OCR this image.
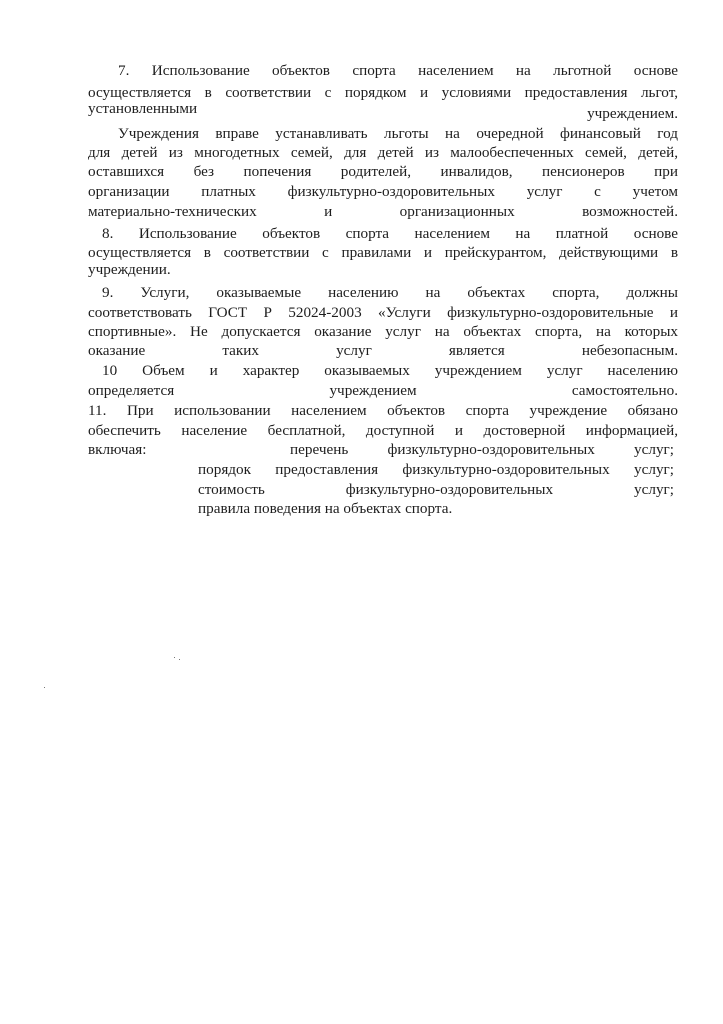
7. Использование объектов спорта населением на льготной основе
осуществляется в соответствии с порядком и условиями предоставления льгот,
установленными	учреждением.
Учреждения вправе устанавливать льготы на очередной финансовый год
для детей из многодетных семей, для детей из малообеспеченных семей, детей,
оставшихся без попечения родителей, инвалидов, пенсионеров при
организации платных физкультурно-оздоровительных услуг с учетом
материально-технических и организационных возможностей.
8. Использование объектов спорта населением на платной основе
осуществляется в соответствии с правилами и прейскурантом, действующими в
учреждении.
9. Услуги, оказываемые населению на объектах спорта, должны
соответствовать ГОСТ Р 52024-2003 «Услуги физкультурно-оздоровительные и
спортивные». Не допускается оказание услуг на объектах спорта, на которых
оказание таких услуг является небезопасным.
10 Объем и характер оказываемых учреждением услуг населению
определяется учреждением самостоятельно.
11. При использовании населением объектов спорта учреждение обязано
обеспечить население бесплатной, доступной и достоверной информацией,
включая:	перечень физкультурно-оздоровительных услуг;
порядок предоставления физкультурно-оздоровительных услуг;
стоимость физкультурно-оздоровительных услуг;
правила поведения на объектах спорта.
